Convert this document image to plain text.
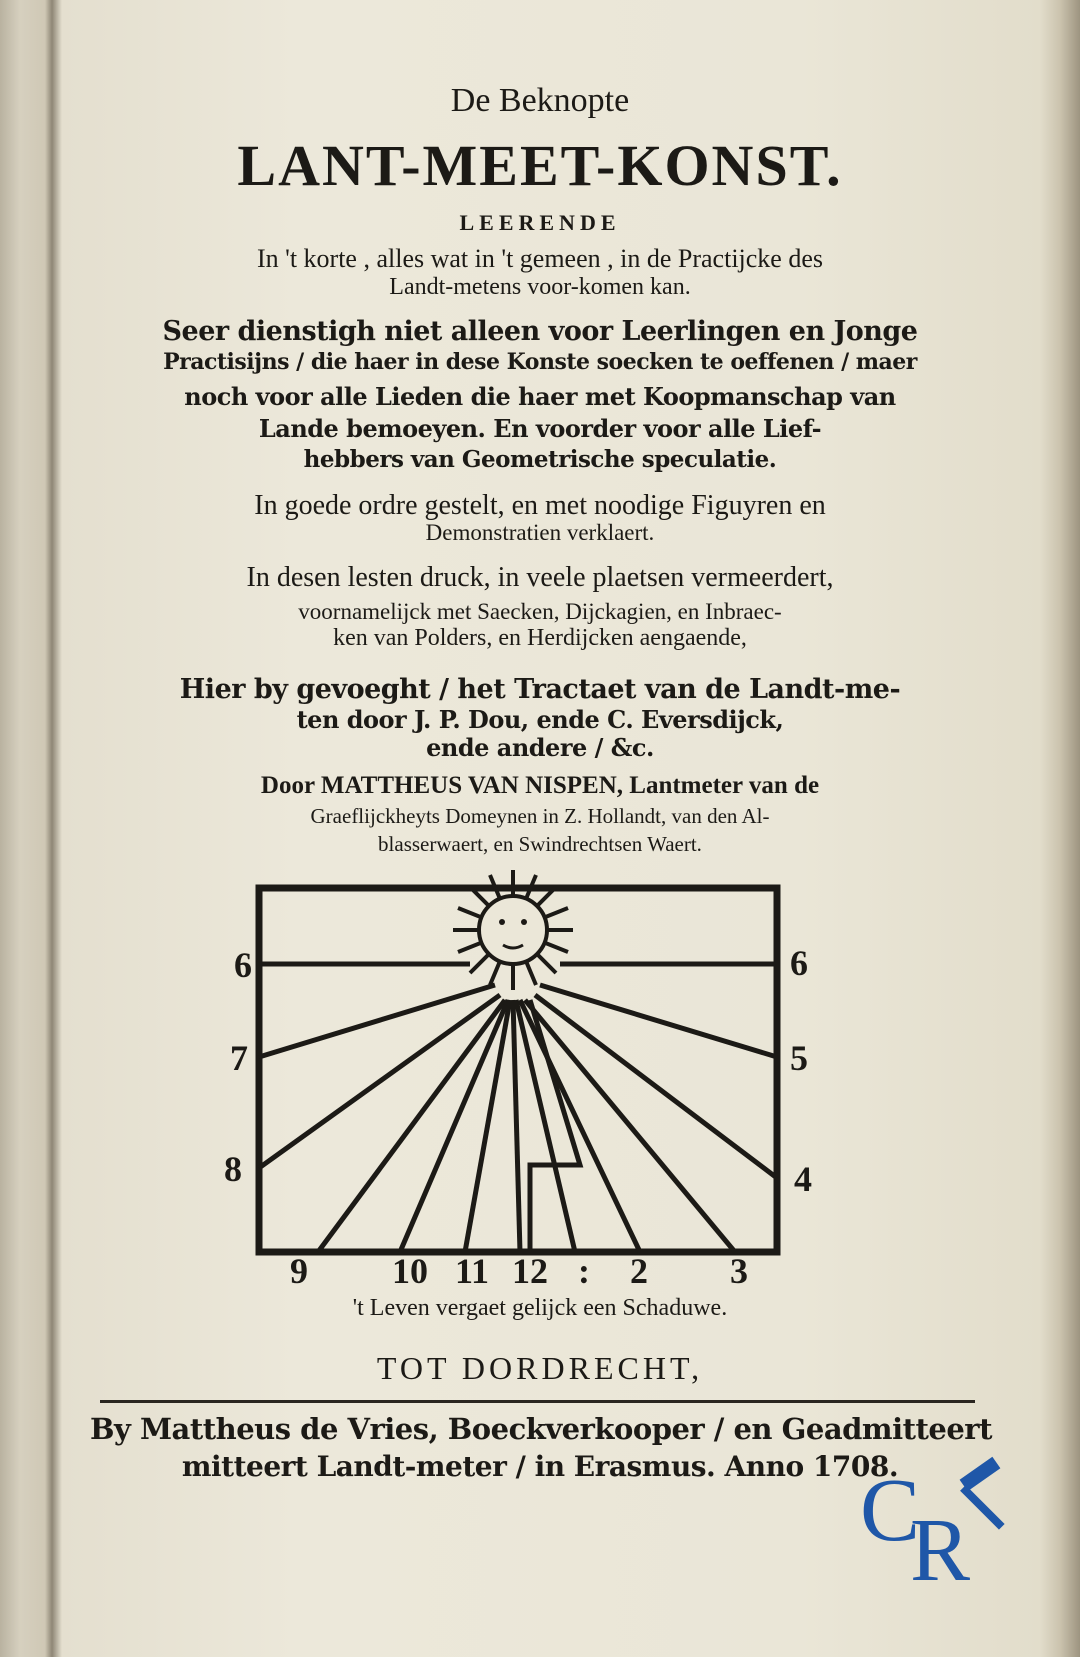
De Beknopte
LANT-MEET-KONST.
LEERENDE
In 't korte , alles wat in 't gemeen , in de Practijcke des
Landt-metens voor-komen kan.
Seer dienstigh niet alleen voor Leerlingen en Jonge
Practisijns / die haer in dese Konste soecken te oeffenen / maer
noch voor alle Lieden die haer met Koopmanschap van
Lande bemoeyen. En voorder voor alle Lief-
hebbers van Geometrische speculatie.
In goede ordre gestelt, en met noodige Figuyren en
Demonstratien verklaert.
In desen lesten druck, in veele plaetsen vermeerdert,
voornamelijck met Saecken, Dijckagien, en Inbraec-
ken van Polders, en Herdijcken aengaende,
Hier by gevoeght / het Tractaet van de Landt-me-
ten door J. P. Dou, ende C. Eversdijck,
ende andere / &c.
Door MATTHEUS VAN NISPEN, Lantmeter van de
Graeflijckheyts Domeynen in Z. Hollandt, van den Al-
blasserwaert, en Swindrechtsen Waert.
6
7
8
6
5
4
9 10 11 12 : 2 3
't Leven vergaet gelijck een Schaduwe.
TOT DORDRECHT,
By Mattheus de Vries, Boeckverkooper / en Geadmitteert
mitteert Landt-meter / in Erasmus. Anno 1708.
C
R
